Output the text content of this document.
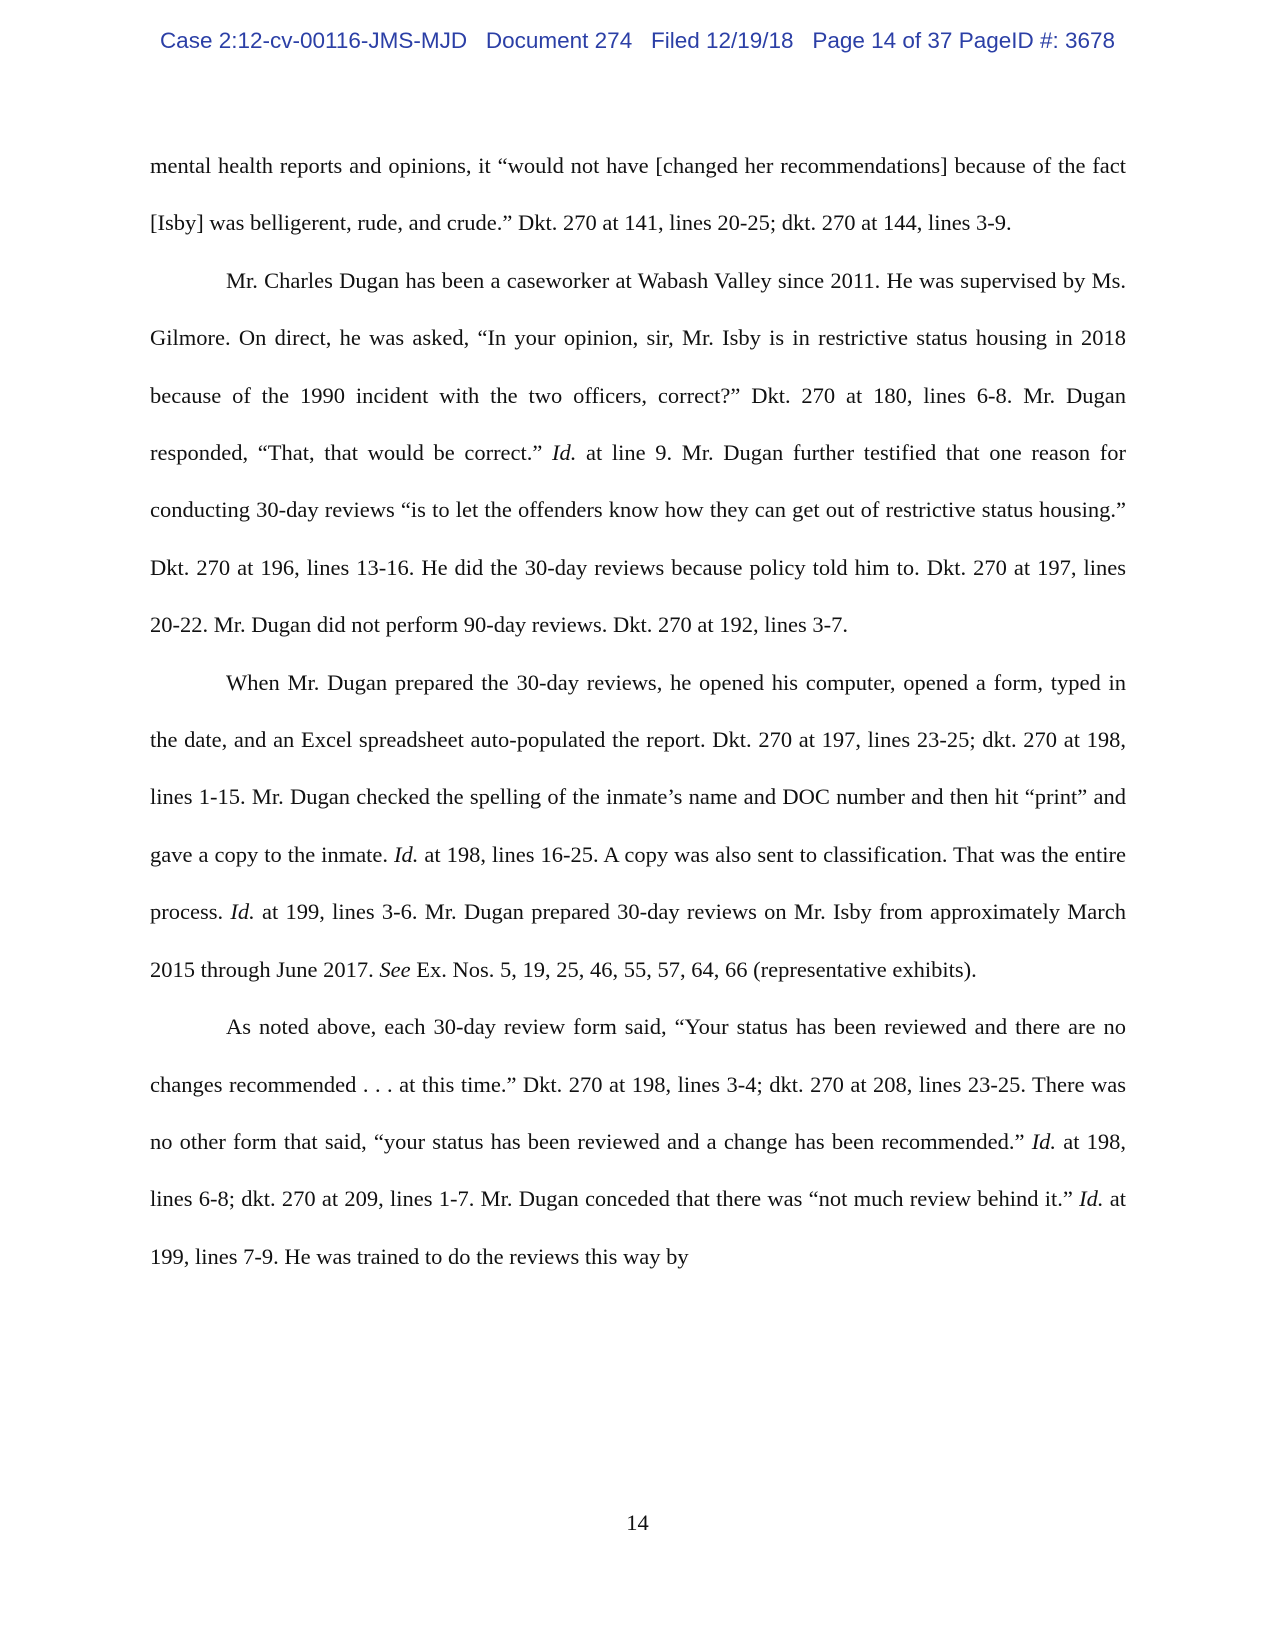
Case 2:12-cv-00116-JMS-MJD   Document 274   Filed 12/19/18   Page 14 of 37 PageID #: 3678

mental health reports and opinions, it “would not have [changed her recommendations] because of the fact [Isby] was belligerent, rude, and crude.” Dkt. 270 at 141, lines 20-25; dkt. 270 at 144, lines 3-9.

Mr. Charles Dugan has been a caseworker at Wabash Valley since 2011. He was supervised by Ms. Gilmore. On direct, he was asked, “In your opinion, sir, Mr. Isby is in restrictive status housing in 2018 because of the 1990 incident with the two officers, correct?” Dkt. 270 at 180, lines 6-8. Mr. Dugan responded, “That, that would be correct.” Id. at line 9. Mr. Dugan further testified that one reason for conducting 30-day reviews “is to let the offenders know how they can get out of restrictive status housing.” Dkt. 270 at 196, lines 13-16. He did the 30-day reviews because policy told him to. Dkt. 270 at 197, lines 20-22. Mr. Dugan did not perform 90-day reviews. Dkt. 270 at 192, lines 3-7.

When Mr. Dugan prepared the 30-day reviews, he opened his computer, opened a form, typed in the date, and an Excel spreadsheet auto-populated the report. Dkt. 270 at 197, lines 23-25; dkt. 270 at 198, lines 1-15. Mr. Dugan checked the spelling of the inmate’s name and DOC number and then hit “print” and gave a copy to the inmate. Id. at 198, lines 16-25. A copy was also sent to classification. That was the entire process. Id. at 199, lines 3-6. Mr. Dugan prepared 30-day reviews on Mr. Isby from approximately March 2015 through June 2017. See Ex. Nos. 5, 19, 25, 46, 55, 57, 64, 66 (representative exhibits).

As noted above, each 30-day review form said, “Your status has been reviewed and there are no changes recommended . . . at this time.” Dkt. 270 at 198, lines 3-4; dkt. 270 at 208, lines 23-25. There was no other form that said, “your status has been reviewed and a change has been recommended.” Id. at 198, lines 6-8; dkt. 270 at 209, lines 1-7. Mr. Dugan conceded that there was “not much review behind it.” Id. at 199, lines 7-9. He was trained to do the reviews this way by

14
